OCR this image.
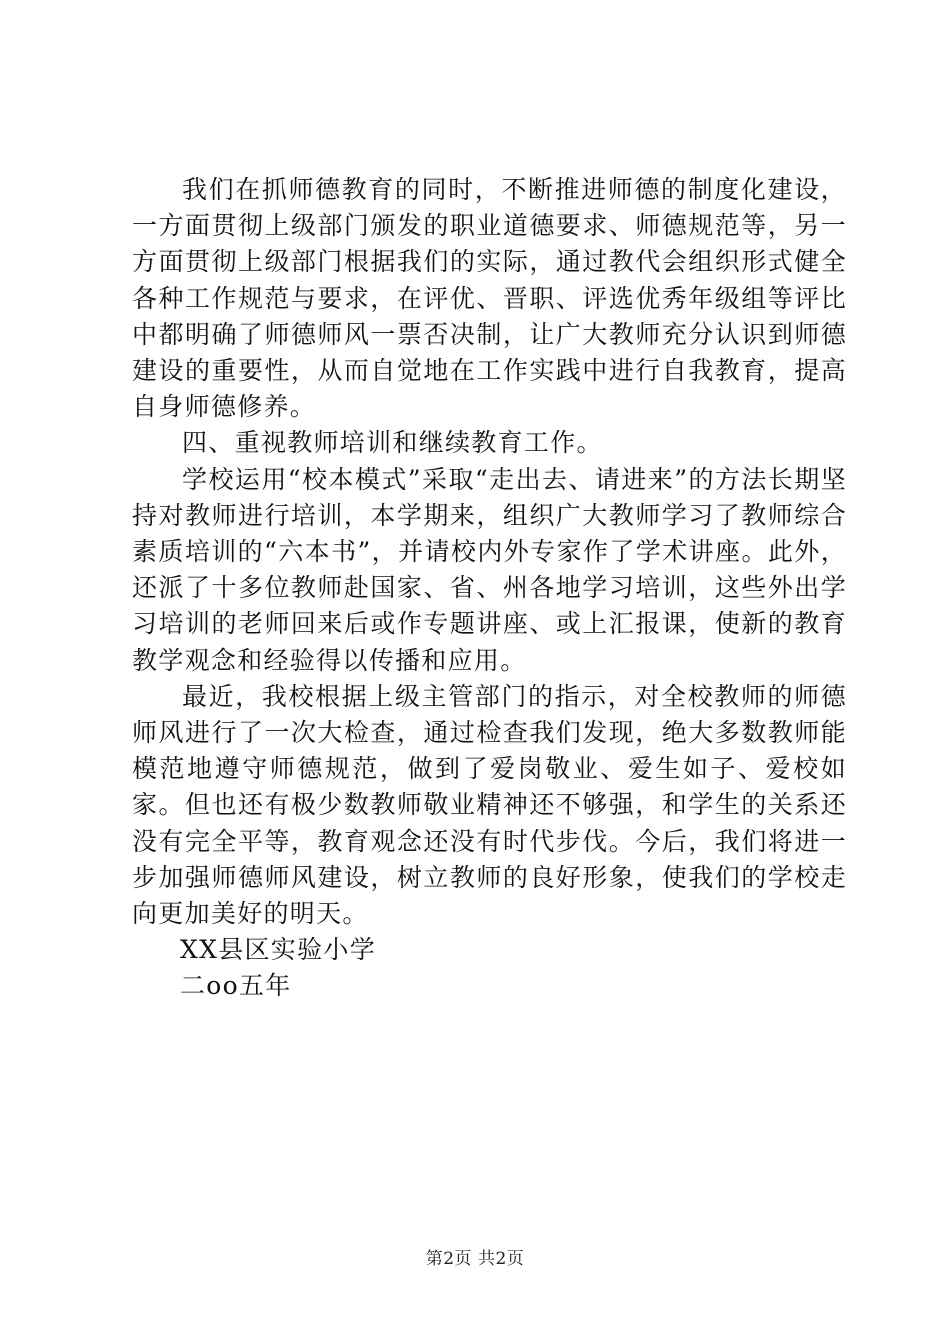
我们在抓师德教育的同时，不断推进师德的制度化建设，一方面贯彻上级部门颁发的职业道德要求、师德规范等，另一方面贯彻上级部门根据我们的实际，通过教代会组织形式健全各种工作规范与要求，在评优、晋职、评选优秀年级组等评比中都明确了师德师风一票否决制，让广大教师充分认识到师德建设的重要性，从而自觉地在工作实践中进行自我教育，提高自身师德修养。

四、重视教师培训和继续教育工作。

学校运用“校本模式”采取“走出去、请进来”的方法长期坚持对教师进行培训，本学期来，组织广大教师学习了教师综合素质培训的“六本书”，并请校内外专家作了学术讲座。此外，还派了十多位教师赴国家、省、州各地学习培训，这些外出学习培训的老师回来后或作专题讲座、或上汇报课，使新的教育教学观念和经验得以传播和应用。

最近，我校根据上级主管部门的指示，对全校教师的师德师风进行了一次大检查，通过检查我们发现，绝大多数教师能模范地遵守师德规范，做到了爱岗敬业、爱生如子、爱校如家。但也还有极少数教师敬业精神还不够强，和学生的关系还没有完全平等，教育观念还没有时代步伐。今后，我们将进一步加强师德师风建设，树立教师的良好形象，使我们的学校走向更加美好的明天。

XX县区实验小学

二oo五年

第2页 共2页
